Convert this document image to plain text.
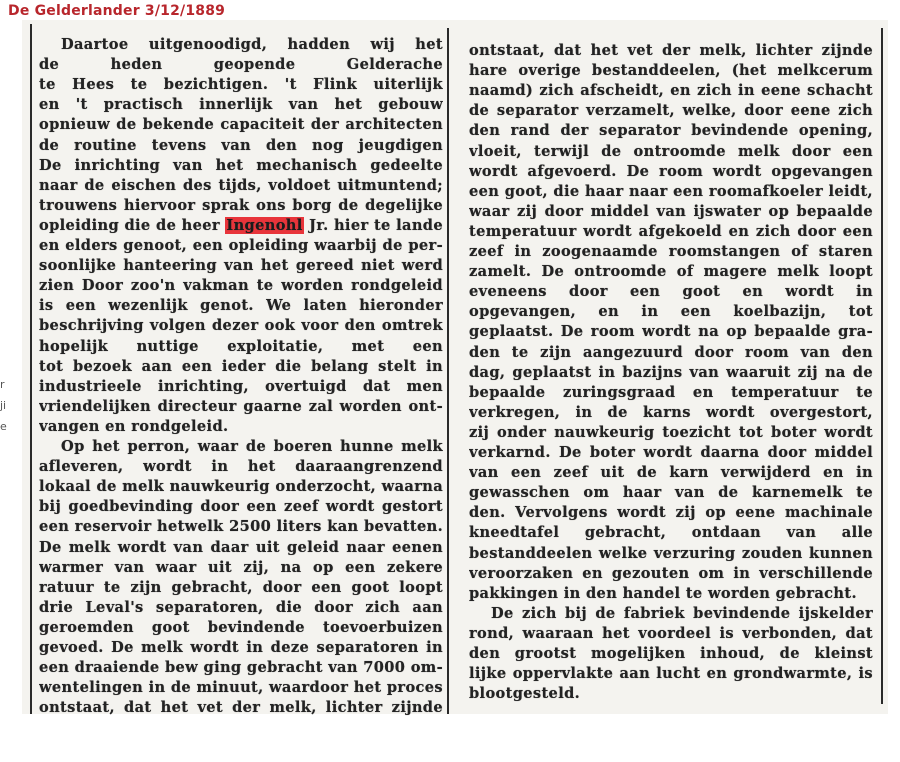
De Gelderlander 3/12/1889
r
ji
e
Daartoe uitgenoodigd, hadden wij het
de heden geopende Gelderache
te Hees te bezichtigen. 't Flink uiterlijk
en 't practisch innerlijk van het gebouw
opnieuw de bekende capaciteit der architecten
de routine tevens van den nog jeugdigen
De inrichting van het mechanisch gedeelte
naar de eischen des tijds, voldoet uitmuntend;
trouwens hiervoor sprak ons borg de degelijke
opleiding die de heer Ingenohl Jr. hier te lande
en elders genoot, een opleiding waarbij de per-
soonlijke hanteering van het gereed niet werd
zien Door zoo'n vakman te worden rondgeleid
is een wezenlijk genot. We laten hieronder
beschrijving volgen dezer ook voor den omtrek
hopelijk nuttige exploitatie, met een
tot bezoek aan een ieder die belang stelt in
industrieele inrichting, overtuigd dat men
vriendelijken directeur gaarne zal worden ont-
vangen en rondgeleid.
Op het perron, waar de boeren hunne melk
afleveren, wordt in het daaraangrenzend
lokaal de melk nauwkeurig onderzocht, waarna
bij goedbevinding door een zeef wordt gestort
een reservoir hetwelk 2500 liters kan bevatten.
De melk wordt van daar uit geleid naar eenen
warmer van waar uit zij, na op een zekere
ratuur te zijn gebracht, door een goot loopt
drie Leval's separatoren, die door zich aan
geroemden goot bevindende toevoerbuizen
gevoed. De melk wordt in deze separatoren in
een draaiende bew ging gebracht van 7000 om-
wentelingen in de minuut, waardoor het proces
ontstaat, dat het vet der melk, lichter zijnde
ontstaat, dat het vet der melk, lichter zijnde
hare overige bestanddeelen, (het melkcerum
naamd) zich afscheidt, en zich in eene schacht
de separator verzamelt, welke, door eene zich
den rand der separator bevindende opening,
vloeit, terwijl de ontroomde melk door een
wordt afgevoerd. De room wordt opgevangen
een goot, die haar naar een roomafkoeler leidt,
waar zij door middel van ijswater op bepaalde
temperatuur wordt afgekoeld en zich door een
zeef in zoogenaamde roomstangen of staren
zamelt. De ontroomde of magere melk loopt
eveneens door een goot en wordt in
opgevangen, en in een koelbazijn, tot
geplaatst. De room wordt na op bepaalde gra-
den te zijn aangezuurd door room van den
dag, geplaatst in bazijns van waaruit zij na de
bepaalde zuringsgraad en temperatuur te
verkregen, in de karns wordt overgestort,
zij onder nauwkeurig toezicht tot boter wordt
verkarnd. De boter wordt daarna door middel
van een zeef uit de karn verwijderd en in
gewasschen om haar van de karnemelk te
den. Vervolgens wordt zij op eene machinale
kneedtafel gebracht, ontdaan van alle
bestanddeelen welke verzuring zouden kunnen
veroorzaken en gezouten om in verschillende
pakkingen in den handel te worden gebracht.
De zich bij de fabriek bevindende ijskelder
rond, waaraan het voordeel is verbonden, dat
den grootst mogelijken inhoud, de kleinst
lijke oppervlakte aan lucht en grondwarmte, is
blootgesteld.
